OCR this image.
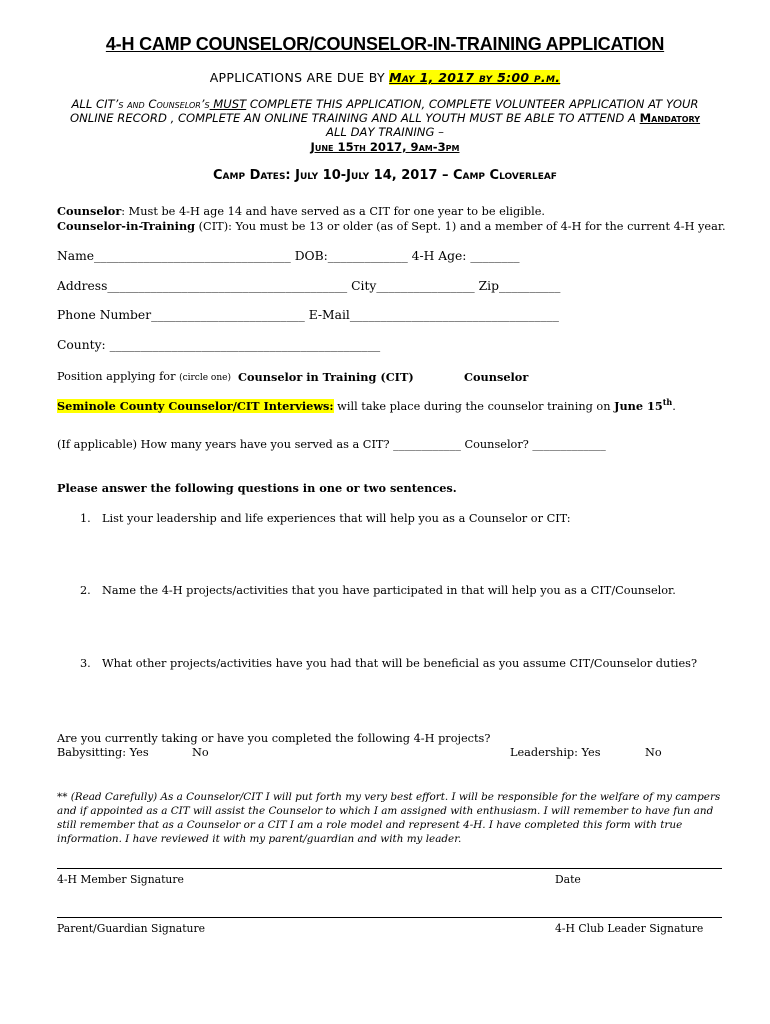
4-H CAMP COUNSELOR/COUNSELOR-IN-TRAINING APPLICATION
APPLICATIONS ARE DUE BY May 1, 2017 by 5:00 p.m.
ALL CIT’s and Counselor’s MUST COMPLETE THIS APPLICATION, COMPLETE VOLUNTEER APPLICATION AT YOUR ONLINE RECORD , COMPLETE AN ONLINE TRAINING AND ALL YOUTH MUST BE ABLE TO ATTEND A Mandatory ALL DAY TRAINING –
June 15th 2017, 9am-3pm
Camp Dates: July 10-July 14, 2017 – Camp Cloverleaf
Counselor: Must be 4-H age 14 and have served as a CIT for one year to be eligible.
Counselor-in-Training (CIT): You must be 13 or older (as of Sept. 1) and a member of 4-H for the current 4-H year.
Name________________________________ DOB:_____________ 4-H Age: ________
Address_______________________________________ City________________ Zip__________
Phone Number_________________________ E-Mail__________________________________
County: ____________________________________________
Position applying for (circle one) Counselor in Training (CIT)	Counselor
Seminole County Counselor/CIT Interviews: will take place during the counselor training on June 15th.
(If applicable) How many years have you served as a CIT? ____________ Counselor? _____________
Please answer the following questions in one or two sentences.
1. List your leadership and life experiences that will help you as a Counselor or CIT:
2. Name the 4-H projects/activities that you have participated in that will help you as a CIT/Counselor.
3. What other projects/activities have you had that will be beneficial as you assume CIT/Counselor duties?
Are you currently taking or have you completed the following 4-H projects?
Babysitting: Yes	No	Leadership: Yes	No
** (Read Carefully) As a Counselor/CIT I will put forth my very best effort. I will be responsible for the welfare of my campers and if appointed as a CIT will assist the Counselor to which I am assigned with enthusiasm. I will remember to have fun and still remember that as a Counselor or a CIT I am a role model and represent 4-H. I have completed this form with true information. I have reviewed it with my parent/guardian and with my leader.
4-H Member Signature	Date
Parent/Guardian Signature	4-H Club Leader Signature
